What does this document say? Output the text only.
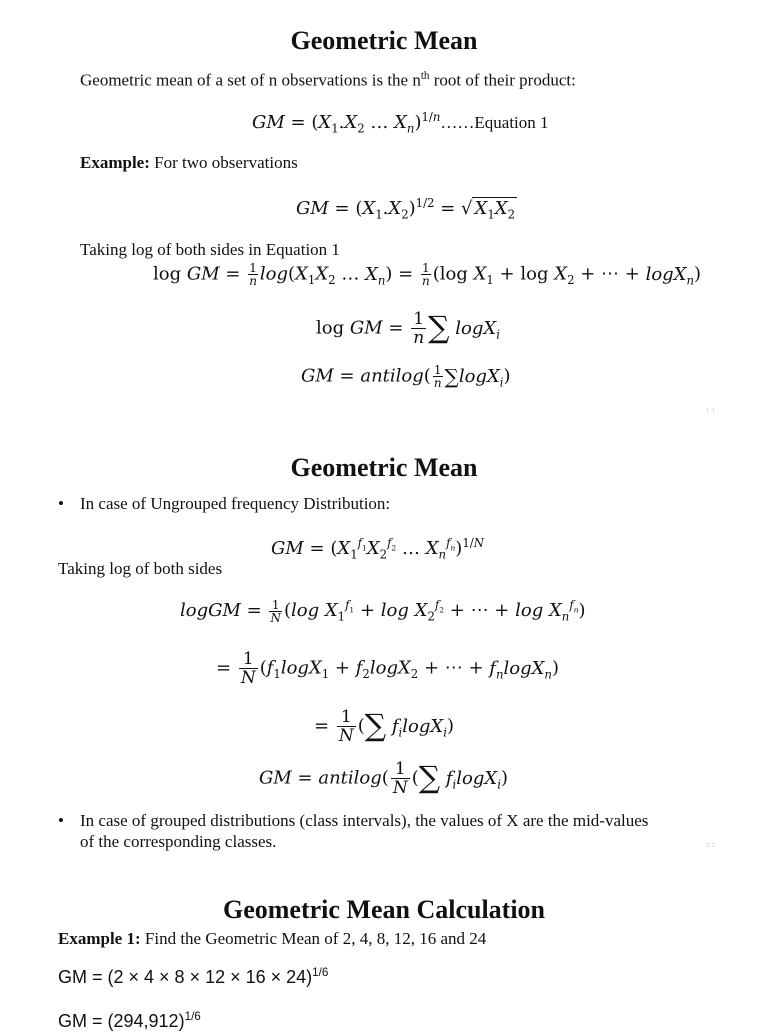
Geometric Mean
Geometric mean of a set of n observations is the $n^{th}$ root of their product:
GM = ($X_1.X_2$ … $X_n)^{1/n}\dots\dots Equation$ 1
Example: For two observations
GM = $(X_1.X_2)^{1/2}$ = √ $X_1X_2$
Taking log of both sides in Equation 1
log GM = $\frac{1}{n} \log(X_1X_2$ … $X_n) = \frac{1}{n} (\log$ $X_1 + \log X_2$ + ⋯ + logX$_n$)
log GM = $\frac{1}{n}$ ∑ logX$_i$
GM = antilog( $\frac{1}{n} \sum\log X_i$)
1  1
Geometric Mean
• In case of Ungrouped frequency Distribution:
GM = ($X_1^{f_1}X_2^{f_2}$ … $X_n^{f_n})^{1/N}$
Taking log of both sides
logGM = $\frac{1}{N} (\log$ $X_1^{f_1} + \log X_2^{f_2}$ + ⋯ + $\log X_n^{f_n}$)
= $\frac{1}{N} (f_1\log X_1 + f_2\log X_2$ + ⋯ + $f_n\log X_n$)
= $\frac{1}{N}$ (∑ $f_i\log X_i$)
GM = antilog( $\frac{1}{N}$ (∑ $f_i\log X_i$)
• In case of grouped distributions (class intervals), the values of X are the mid-values
of the corresponding classes.	2  2
Geometric Mean Calculation
Example 1: Find the Geometric Mean of 2, 4, 8, 12, 16 and 24
GM = $(2 \times 4 \times 8 \times 12 \times 16 \times 24)^{1/6}$
GM = $(294,912)^{1/6}$
